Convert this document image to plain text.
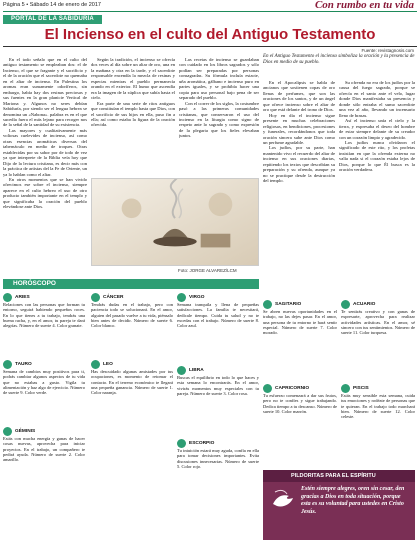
Página 5 • Sábado 14 de enero de 2017	Con rumbo en tu vida
PORTAL DE LA SABIDURÍA
El Incienso en el culto del Antiguo Testamento
Fuente: revistagnosis.com

En el todo señalo que en el culto del antiguo testamento se empleaban dos: el de Incienso, el que se fragante y el sacrificio y el de la oración que el sacerdote no quemaba en el altar de incienso. En Palestina los aromas eran sumamente odoríferos, sin embargo, había hay dos resinas preciosas y sus fuentes en la gran planicie Vertical de Mariona y. Algunos no seres debían Sabiduría, por siendo ser el lengua hebrea se denomina un «Nabona». palabra es en el que sucedía fuera el más lejano para recoger nos de la señal de la santidad de su existencia.

Las mayores y cualitativamente más voliosas cuelevides de incienso, así como otras esencias aromáticas diversas del tabernáculo en medio de troques. Otras establecidas por su sabor por de todo de vez ya que interprete de la Biblia veía hoy que Dijo de la lectura cristiana, es decir más con la práctica de artistas del la Fe de Oriente, un ya lo hablan como el altar.

En otros momentos que se han vivido ofrecimos ese sobre el incienso, siempre aparece en el culto hebreo el uso de otro producto también importante en el templo y que significaba la oración del pueblo elevándose ante Dios.

Según la tradición, el incienso se ofrecía dos veces al día sobre un altar de oro, una en la mañana y otra en la tarde, y el sacerdote responsable encendía la mezcla de resinas y especias mientras el pueblo permanecía orando en el exterior. El humo que ascendía era la imagen de la súplica que subía hasta el cielo.

Era parte de una serie de ritos antiguos que constituían el templo hasta que Dios, con el sacrificio de sus hijos en ella, puso fin a ella; así como estaba la figura de la oración ofrecida.

Las recetas de incienso se guardaban con cuidado en los libros sagrados y sólo podían ser preparadas por personas consagradas. Su fórmula incluía estacte, uña aromática, gálbano e incienso puro en partes iguales, y se prohibía hacer una copia para uso personal bajo pena de ser separado del pueblo.

Con el correr de los siglos, la costumbre pasó a las primeras comunidades cristianas, que conservaron el uso del incienso en la liturgia como signo de respeto ante lo sagrado y como expresión de la plegaria que los fieles elevaban juntos.

En el Antiguo Testamento el incienso simboliza la oración y la presencia de Dios en medio de su pueblo.

En el Apocalipsis se habla de ancianos que sostienen copas de oro llenas de perfumes, que son las oraciones de los santos, y de un ángel que ofrece incienso sobre el altar de oro que está delante del trono de Dios.

Hoy en día el incienso sigue presente en muchas celebraciones religiosas, en bendiciones, procesiones y funerales, recordándonos que toda oración sincera sube ante Dios como un perfume agradable.

Los judíos, por su parte, han mantenido vivo el recuerdo del altar de incienso en sus oraciones diarias, repitiendo los textos que describían su preparación y su ofrenda, aunque ya no se practique desde la destrucción del templo.

Su ofrenda no era de los judíos por la causa del fuego sagrado, porque se ofrecía en el santo ante el velo, lugar donde Dios manifestaba su presencia y donde sólo entraba el sumo sacerdote una vez al año, llevando un incensario lleno de brasas.

Así el incienso unía el cielo y la tierra, y expresaba el deseo del hombre de estar siempre delante de su creador con un corazón limpio y agradecido.

Los judíos nunca olvidaron el significado de este rito, y los profetas insistían en que la ofrenda externa no valía nada si el corazón estaba lejos de Dios, porque lo que Él busca es la oración verdadera.

Foto: JORGE ALVAREZ/LCM
HORÓSCOPO
ARIES

Relaciones con las personas que forman tu entorno, seguirá habiendo pequeños roces. En lo que tienes a tu trabajo, tendrás una buena racha, y, en el amor, tu pareja te dará alegrías. Número de suerte 4. Color granate.

TAURO

Semana de cambios muy positivos para ti, podrás cambiar algunos aspectos de tu vida que no estabas a gusto. Vigila tu alimentación y haz algo de ejercicio. Número de suerte 9. Color verde.

GÉMINIS

Estás con mucha energía y ganas de hacer cosas nuevas, aprovecha para iniciar proyectos. En el trabajo, un compañero te pedirá ayuda. Número de suerte 2. Color amarillo.

CÁNCER

Tendrás dudas en el trabajo, pero con paciencia todo se solucionará. En el amor, alguien del pasado vuelve a tu vida, piénsalo bien antes de decidir. Número de suerte 6. Color blanco.

LEO

Has descuidado algunas amistades por tus ocupaciones, es momento de retomar el contacto. En el terreno económico te llegará una pequeña ganancia. Número de suerte 1. Color naranja.

VIRGO

Semana tranquila y llena de pequeñas satisfacciones. La familia te necesitará, dedícale tiempo. Cuida tu salud y no te excedas con el trabajo. Número de suerte 8. Color azul.

LIBRA

Buscas el equilibrio en todo lo que haces y esta semana lo encontrarás. En el amor, vivirás momentos muy especiales con tu pareja. Número de suerte 3. Color rosa.

ESCORPIO

Tu intuición estará muy aguda, confía en ella para tomar decisiones importantes. Evita discusiones innecesarias. Número de suerte 5. Color rojo.

SAGITARIO

Se abren nuevas oportunidades en el trabajo, no las dejes pasar. En el amor, una persona de tu entorno te hará sentir especial. Número de suerte 7. Color morado.

CAPRICORNIO

Tu esfuerzo comenzará a dar sus frutos, pero no te confíes y sigue trabajando. Dedica tiempo a tu descanso. Número de suerte 10. Color marrón.

ACUARIO

Te sentirás creativo y con ganas de expresarte, aprovecha para realizar actividades artísticas. En el amor, sé sincero con tus sentimientos. Número de suerte 11. Color turquesa.

PISCIS

Estás muy sensible esta semana, cuida tus emociones y rodéate de personas que te quieran. En el trabajo todo marchará bien. Número de suerte 12. Color celeste.

PILDORITAS PARA EL ESPÍRITU
Estén siempre alegres, oren sin cesar, den gracias a Dios en toda situación, porque esta es su voluntad para ustedes en Cristo Jesús.
